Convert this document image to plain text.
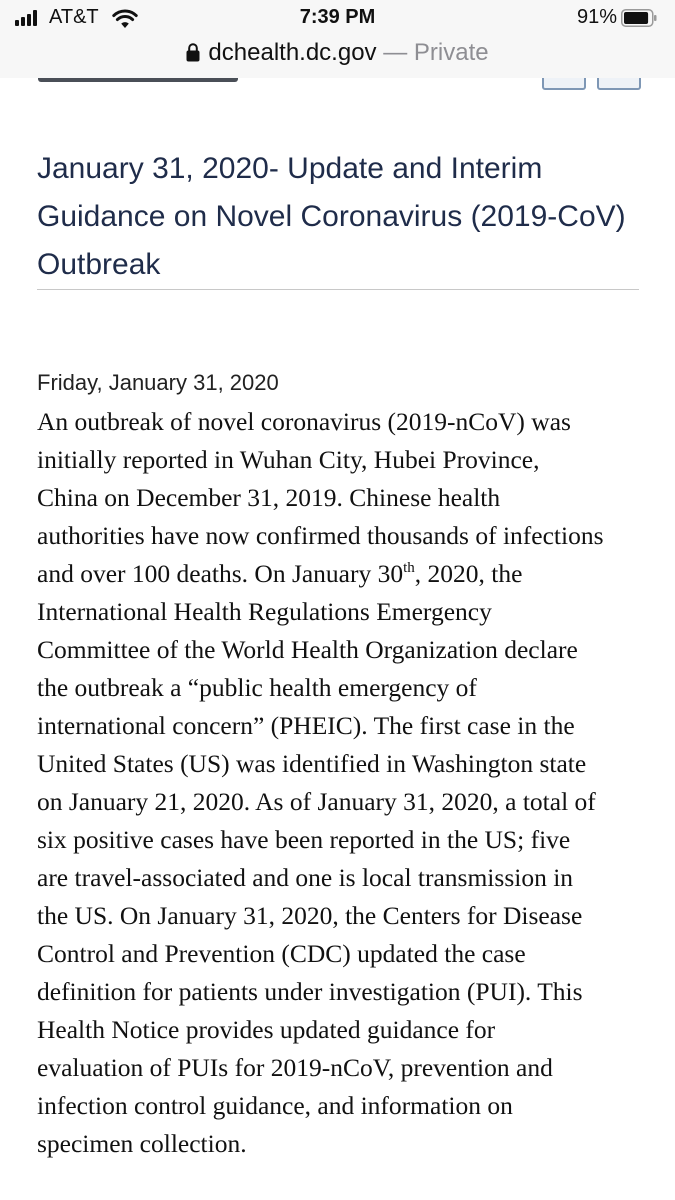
AT&T	7:39 PM	91%
dchealth.dc.gov — Private
January 31, 2020- Update and Interim Guidance on Novel Coronavirus (2019-CoV) Outbreak
Friday, January 31, 2020
An outbreak of novel coronavirus (2019-nCoV) was
initially reported in Wuhan City, Hubei Province,
China on December 31, 2019. Chinese health
authorities have now confirmed thousands of infections
and over 100 deaths. On January 30th, 2020, the
International Health Regulations Emergency
Committee of the World Health Organization declare
the outbreak a “public health emergency of
international concern” (PHEIC). The first case in the
United States (US) was identified in Washington state
on January 21, 2020. As of January 31, 2020, a total of
six positive cases have been reported in the US; five
are travel-associated and one is local transmission in
the US. On January 31, 2020, the Centers for Disease
Control and Prevention (CDC) updated the case
definition for patients under investigation (PUI). This
Health Notice provides updated guidance for
evaluation of PUIs for 2019-nCoV, prevention and
infection control guidance, and information on
specimen collection.
